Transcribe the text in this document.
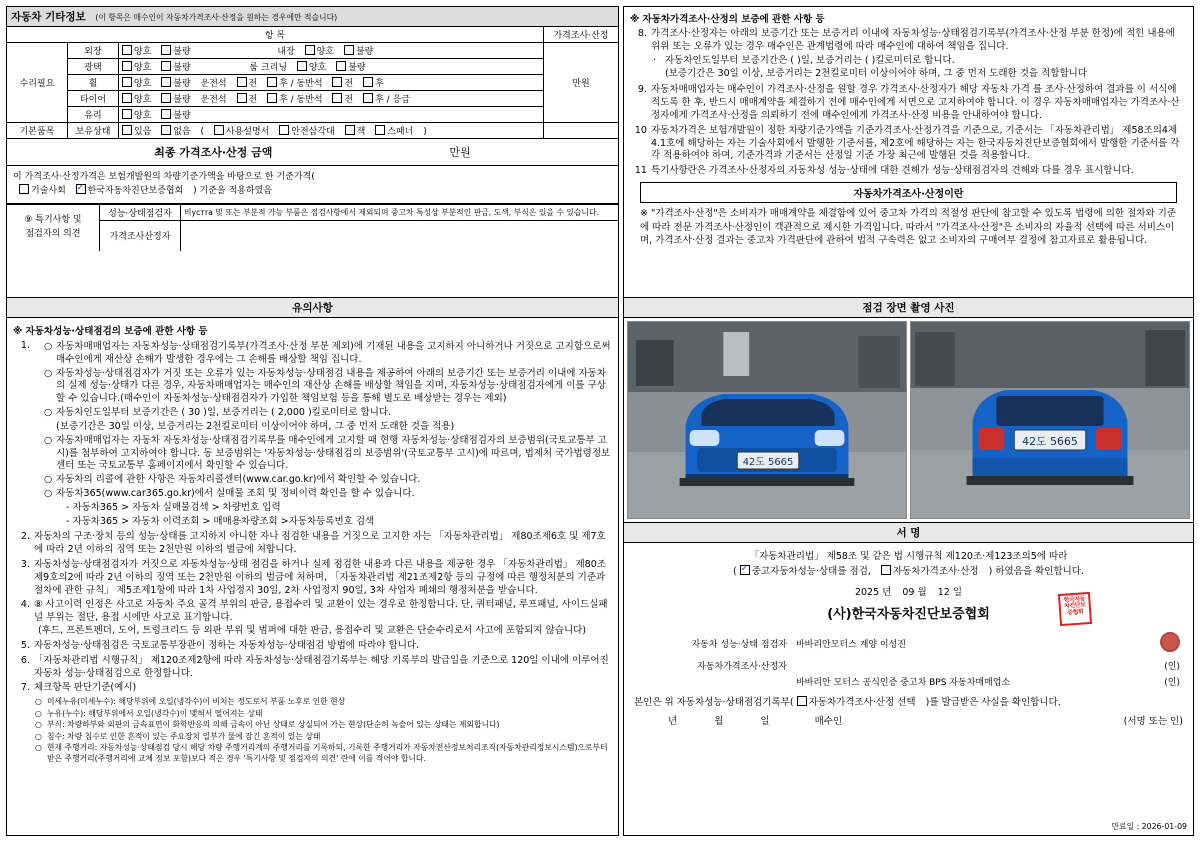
자동차 기타정보 (이 항목은 매수인이 자동차가격조사·산정을 원하는 경우에만 적습니다)
항 목			가격조사·산정
수리필요	외장	양호 불량 내장 양호 불량	만원
	광택	양호 불량 룸 크리닝 양호 불량	
	휠	양호 불량 운전석 전 후 / 동반석 전 후	
	타이어	양호 불량 운전석 전 후 / 동반석 전 후 / 응급	
	유리	양호 불량	
기본품목	보유상태	있음 없음 ( 사용설명서 안전삼각대 잭 스패너 )	
최종 가격조사·산정 금액 만원			

이 가격조사·산정가격은 보험개발원의 차량기준가액을 바탕으로 한 기준가격(
기술사회 ✓ 한국자동차진단보증협회 ) 기준을 적용하였음
⑨ 특기사항 및
점검자의 의견	성능·상태점검자	비устra 및 또는 부분적 가능 부품은 점검사항에서 제외되며 중고차 특성상 부분적인 판금, 도색, 부식은 있을 수 있습니다.
	가격조사산정자	
유의사항
※ 자동차성능·상태점검의 보증에 관한 사항 등
1.	○ 자동차매매업자는 자동차성능·상태점검기록부(가격조사·산정 부분 제외)에 기재된 내용을 고지하지 아니하거나 거짓으로 고지함으로써 매수인에게 재산상 손해가 발생한 경우에는 그 손해를 배상할 책임 집니다.
○ 자동차성능·상태점검자가 거짓 또는 오류가 있는 자동차성능·상태점검 내용을 제공하여 아래의 보증기간 또는 보증거리 이내에 자동차의 실제 성능·상태가 다른 경우, 자동차매매업자는 매수인의 재산상 손해를 배상할 책임을 지며, 자동차성능·상태점검자에게 이를 구상할 수 있습니다.(매수인이 자동차성능·상태점검자가 가입한 책임보험 등을 통해 별도로 배상받는 경우는 제외)
○ 자동차인도일부터 보증기간은 ( 30 )일, 보증거리는 ( 2,000 )킬로미터로 합니다.
(보증기간은 30일 이상, 보증거리는 2천킬로미터 이상이어야 하며, 그 중 먼저 도래한 것을 적용)
○ 자동차매매업자는 자동차 자동차성능·상태점검기록부를 매수인에게 고지할 때 현행 자동차성능·상태점검자의 보증범위(국토교통부 고시)를 첨부하여 고지하여야 합니다. 동 보증범위는 '자동차성능·상태점검의 보증범위'(국토교통부 고시)에 따르며, 법제처 국가법령정보센터 또는 국토교통부 홈페이지에서 확인할 수 있습니다.
○ 자동차의 리콜에 관한 사항은 자동차리콜센터(www.car.go.kr)에서 확인할 수 있습니다.
○ 자동차365(www.car365.go.kr)에서 실매물 조회 및 정비이력 확인을 할 수 있습니다.
- 자동차365 > 자동차 실매물검색 > 차량번호 입력
- 자동차365 > 자동차 이력조회 > 매매용차량조회 >자동차등록번호 검색
2. 자동차의 구조·장치 등의 성능·상태를 고지하지 아니한 자나 점검한 내용을 거짓으로 고지한 자는 「자동차관리법」 제80조제6호 및 제7호에 따라 2년 이하의 징역 또는 2천만원 이하의 벌금에 처합니다.
3. 자동차성능·상태점검자가 거짓으로 자동차성능·상태 점검을 하거나 실제 점검한 내용과 다른 내용을 제공한 경우 「자동차관리법」 제80조제9호의2에 따라 2년 이하의 징역 또는 2천만원 이하의 벌금에 처하며, 「자동차관리법 제21조제2항 등의 규정에 따른 행정처분의 기준과 절차에 관한 규칙」 제5조제1항에 따라 1차 사업정지 30일, 2차 사업정지 90일, 3차 사업자 폐쇄의 행정처분을 받습니다.
4. ⑧ 사고이력 인정은 사고로 자동차 주요 골격 부위의 판금, 용접수리 및 교환이 있는 경우로 한정합니다. 단, 쿼터패널, 루프패널, 사이드실패널 부위는 절단, 용접 시에만 사고로 표기합니다.
(후드, 프론트펜더, 도어, 트렁크리드 등 외판 부위 및 범퍼에 대한 판금, 용접수리 및 교환은 단순수리로서 사고에 포함되지 않습니다)
5. 자동차성능·상태점검은 국토교통부장관이 정하는 자동차성능·상태점검 방법에 따라야 합니다.
6. 「자동차관리법 시행규칙」 제120조제2항에 따라 자동차성능·상태점검기록부는 해당 기록부의 발급일을 기준으로 120일 이내에 이루어진 자동차 성능·상태점검으로 한정합니다.
7. 체크항목 판단기준(예시)
○ 미세누유(미세누수): 해당부위에 오일(냉각수)이 비치는 정도로서 부품 노후로 인한 현상
○ 누유(누수): 해당부위에서 오일(냉각수)이 맺혀서 떨어져는 상태
○ 부식: 차량하부와 외판의 금속표면이 화학반응의 의해 금속이 아닌 상태로 상실되어 가는 현상(단순히 녹슬어 있는 상태는 제외합니다)
○ 침수: 차량 침수로 인한 흔적이 있는 주요장치 일부가 물에 잠긴 흔적이 있는 상태
○ 현재 주행거리: 자동차성능·상태점검 당시 해당 차량 주행거리계의 주행거리를 기록하되, 기록한 주행거리가 자동차전산정보처리조직(자동차관리정보시스템)으로부터 받은 주행거리(주행거리에 교체 정보 포함)보다 적은 경우 '특기사항 및 점검자의 의견' 란에 이를 적어야 합니다.
※ 자동차가격조사·산정의 보증에 관한 사항 등
8. 가격조사·산정자는 아래의 보증기간 또는 보증거리 이내에 자동차성능·상태점검기록부(가격조사·산정 부분 한정)에 적힌 내용에 위위 또는 오류가 있는 경우 매수인은 관계법령에 따라 매수인에 대하여 책임을 집니다.
· 자동차인도일부터 보증기간은 ( )일, 보증거리는 ( )킬로미터로 합니다.
(보증기간은 30일 이상, 보증거리는 2천킬로미터 이상이어야 하며, 그 중 먼저 도래한 것을 적합합니다
9. 자동차매매업자는 매수인이 가격조사·산정을 원할 경우 가격조사·산정자가 해당 자동차 가격 를 조사·산정하여 결과를 이 서식에 적도록 한 후, 반드시 매매계약을 체결하기 전에 매수인에게 서면으로 고지하여야 합니다. 이 경우 자동차매매업자는 가격조사·산정자에게 가격조사·산정을 의뢰하기 전에 매수인에게 가격조사·산정 비용을 안내하여야 합니다.
10 자동차가격은 보험개발원이 정한 차량기준가액을 기준가격조사·산정가격을 기준으로, 기준서는 「자동차관리법」 제58조의4제4.1호에 해당하는 자는 기술사회에서 발행한 기준서를, 제2호에 해당하는 자는 한국자동차진단보증협회에서 발행한 기준서를 각각 적용하여야 하며, 기준가격과 기준서는 산정일 기준 가장 최근에 발행된 것을 적용합니다.
11 특기사항란은 가격조사·산정자의 자동차성 성능·상태에 대한 견해가 성능·상태점검자의 견해와 다를 경우 표시합니다.
자동차가격조사·산정이란
※ "가격조사·산정"은 소비자가 매매계약을 체결함에 있어 중고차 가격의 적절성 판단에 참고할 수 있도록 법령에 의한 절차와 기준에 따라 전문 가격조사·산정인이 객관적으로 제시한 가격입니다. 따라서 "가격조사·산정"은 소비자의 자율적 선택에 따른 서비스이며, 가격조사·산정 결과는 중고차 가격판단에 관하여 법적 구속력은 없고 소비자의 구매여부 결정에 참고자료로 활용됩니다.
점검 장면 촬영 사진
42도 5665
42도 5665
서 명
「자동차관리법」 제58조 및 같은 법 시행규칙 제120조·제123조의5에 따라
( ✓ 중고자동차성능·상태를 점검, 자동차가격조사·산정 ) 하였음을 확인합니다.
2025 년 09 월 12 일
(사)한국자동차진단보증협회
한국자동차진단보증협회
자동차 성능·상태 점검자	바바리안모터스 계양 이성진	
자동차가격조사·산정자		(인)
	바바리안 모터스 공식인증 중고차 BPS 자동차매매업소	(인)
본인은 위 자동차성능·상태점검기록부( 자동차가격조사·산정 선택 )를 발급받은 사실을 확인합니다.
년	월	일	매수인	(서명 또는 인)
만료일 : 2026-01-09
